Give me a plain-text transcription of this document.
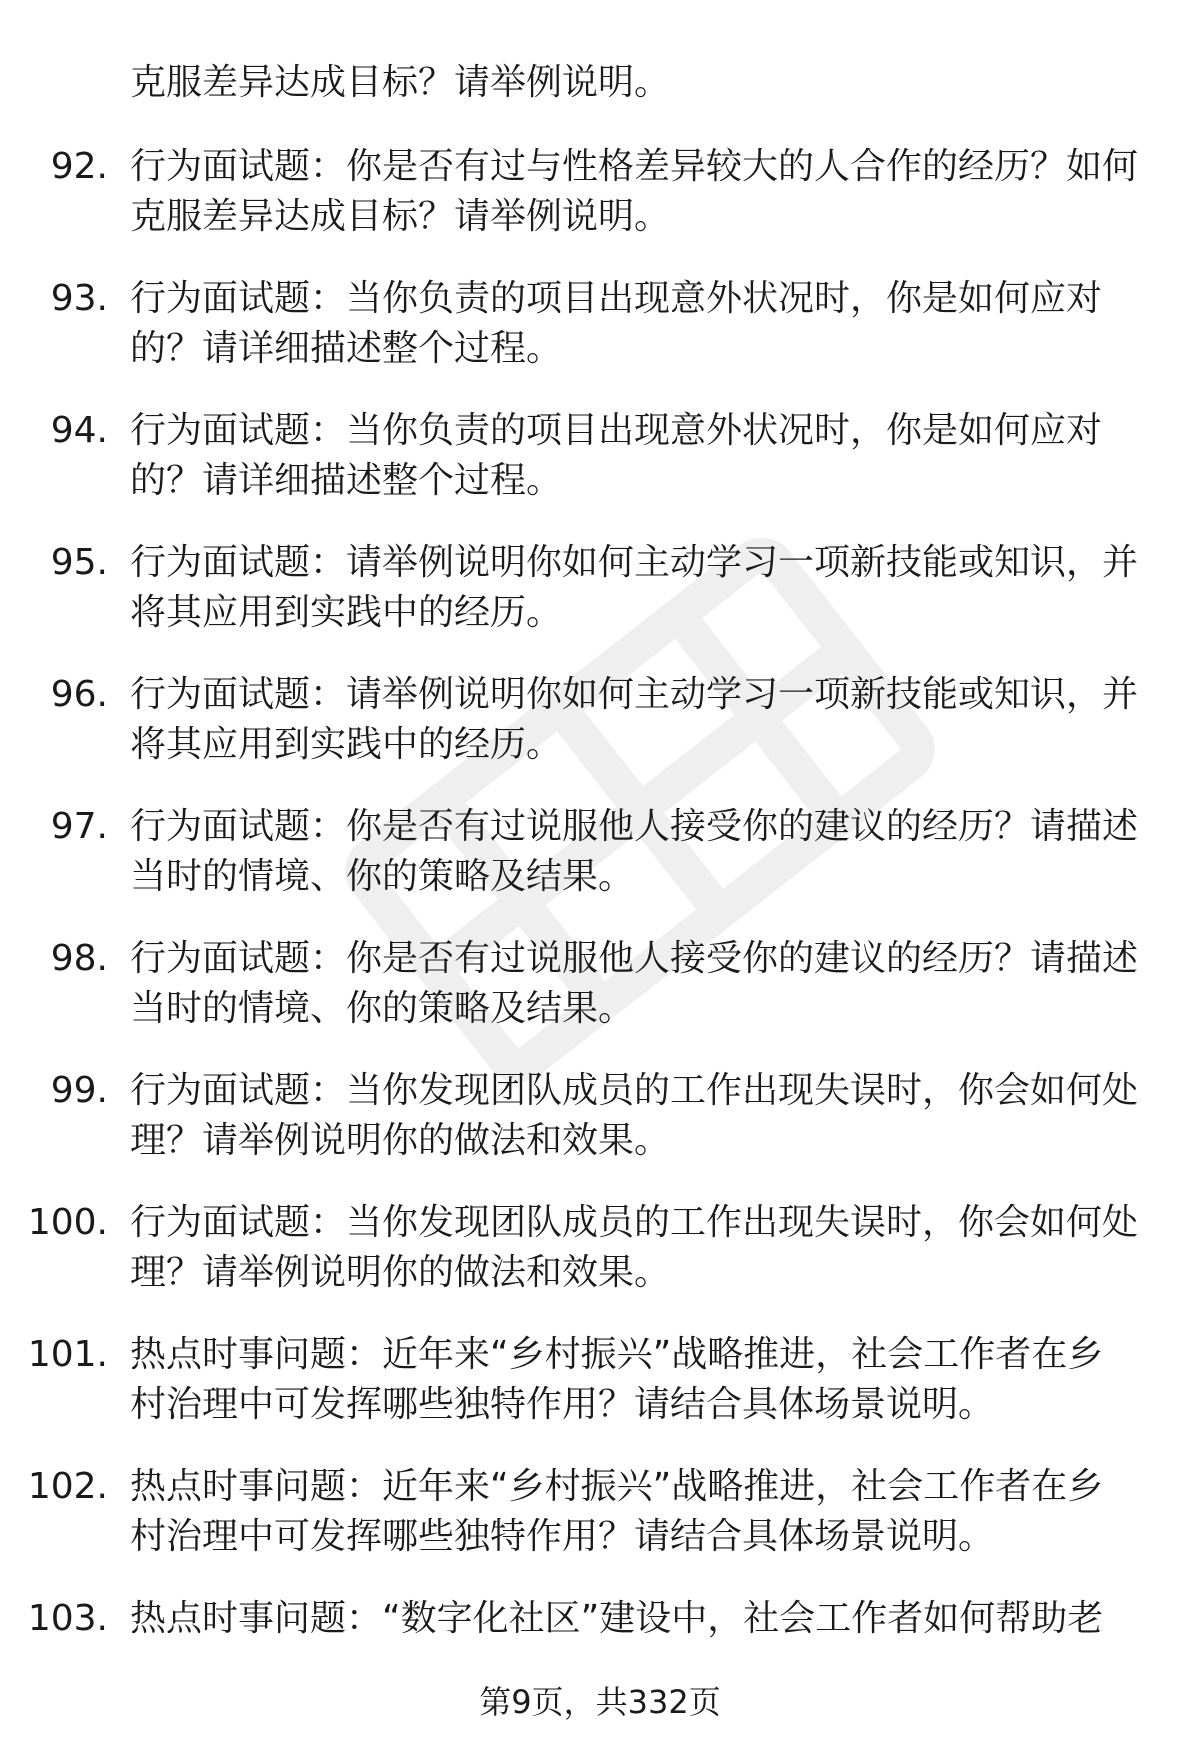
克服差异达成目标？请举例说明。
92. 行为面试题：你是否有过与性格差异较大的人合作的经历？如何
克服差异达成目标？请举例说明。
93. 行为面试题：当你负责的项目出现意外状况时，你是如何应对
的？请详细描述整个过程。
94. 行为面试题：当你负责的项目出现意外状况时，你是如何应对
的？请详细描述整个过程。
95. 行为面试题：请举例说明你如何主动学习一项新技能或知识，并
将其应用到实践中的经历。
96. 行为面试题：请举例说明你如何主动学习一项新技能或知识，并
将其应用到实践中的经历。
97. 行为面试题：你是否有过说服他人接受你的建议的经历？请描述
当时的情境、你的策略及结果。
98. 行为面试题：你是否有过说服他人接受你的建议的经历？请描述
当时的情境、你的策略及结果。
99. 行为面试题：当你发现团队成员的工作出现失误时，你会如何处
理？请举例说明你的做法和效果。
100. 行为面试题：当你发现团队成员的工作出现失误时，你会如何处
理？请举例说明你的做法和效果。
101. 热点时事问题：近年来“乡村振兴”战略推进，社会工作者在乡
村治理中可发挥哪些独特作用？请结合具体场景说明。
102. 热点时事问题：近年来“乡村振兴”战略推进，社会工作者在乡
村治理中可发挥哪些独特作用？请结合具体场景说明。
103. 热点时事问题：“数字化社区”建设中，社会工作者如何帮助老
第9页，共332页
